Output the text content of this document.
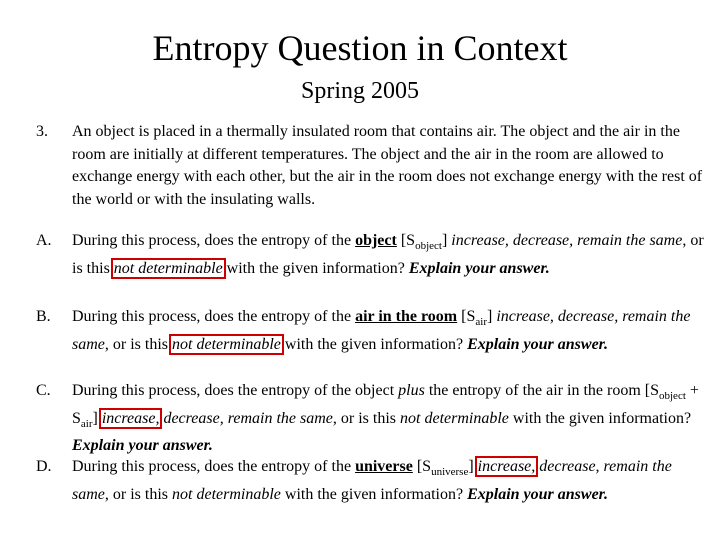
Entropy Question in Context
Spring 2005
3. An object is placed in a thermally insulated room that contains air. The object and the air in the room are initially at different temperatures. The object and the air in the room are allowed to exchange energy with each other, but the air in the room does not exchange energy with the rest of the world or with the insulating walls.
A. During this process, does the entropy of the object $[S_{object}]$ increase, decrease, remain the same, or is this not determinable with the given information? Explain your answer.
B. During this process, does the entropy of the air in the room $[S_{air}]$ increase, decrease, remain the same, or is this not determinable with the given information? Explain your answer.
C. During this process, does the entropy of the object plus the entropy of the air in the room $[S_{object} + S_{air}]$ increase, decrease, remain the same, or is this not determinable with the given information? Explain your answer.
D. During this process, does the entropy of the universe $[S_{universe}]$ increase, decrease, remain the same, or is this not determinable with the given information? Explain your answer.
